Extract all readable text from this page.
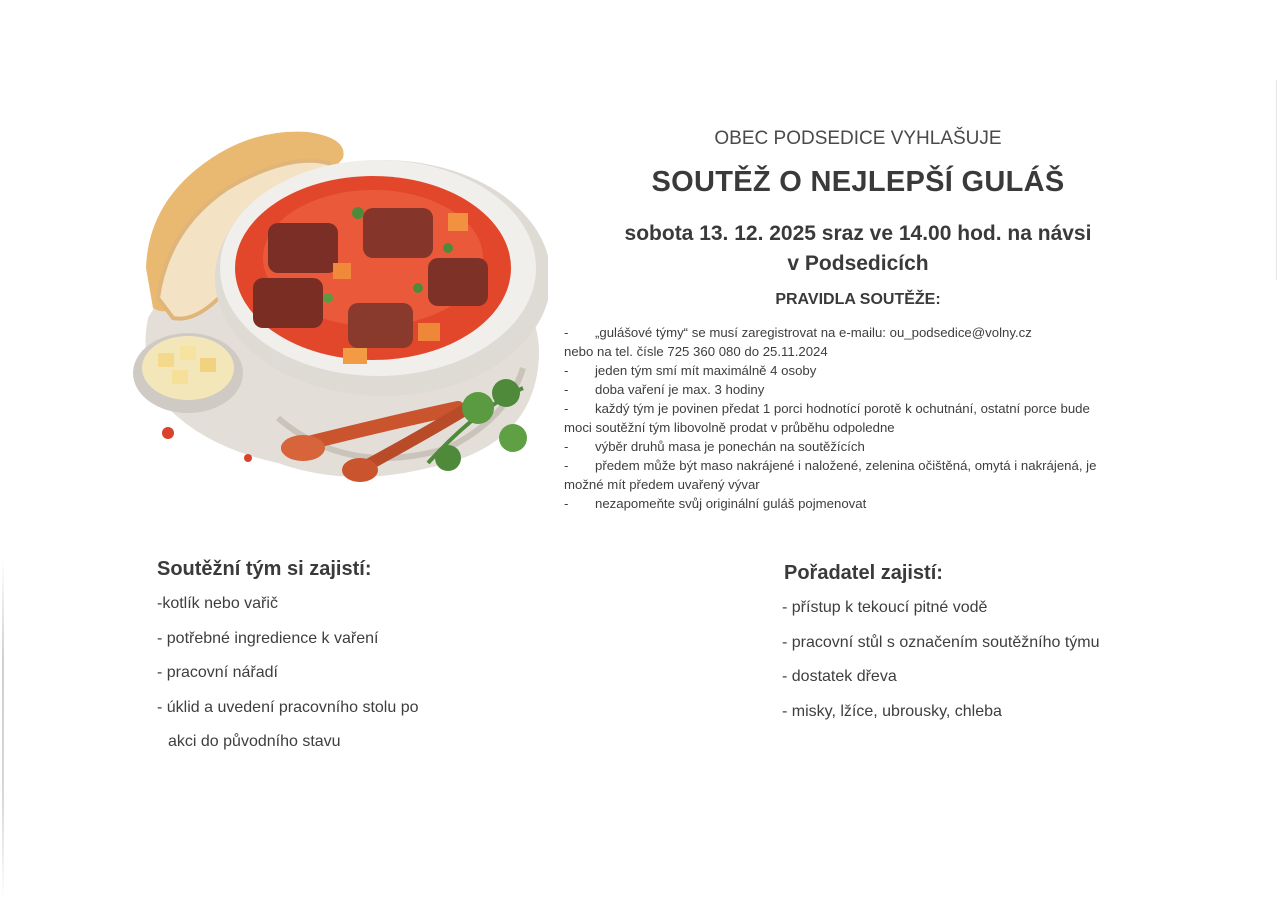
OBEC PODSEDICE VYHLAŠUJE
SOUTĚŽ O NEJLEPŠÍ GULÁŠ
sobota 13. 12. 2025 sraz ve 14.00 hod. na návsi
v Podsedicích
PRAVIDLA SOUTĚŽE:
- „gulášové týmy“ se musí zaregistrovat na e-mailu: ou_podsedice@volny.cz
nebo na tel. čísle 725 360 080 do 25.11.2024
- jeden tým smí mít maximálně 4 osoby
- doba vaření je max. 3 hodiny
- každý tým je povinen předat 1 porci hodnotící porotě k ochutnání, ostatní porce bude
moci soutěžní tým libovolně prodat v průběhu odpoledne
- výběr druhů masa je ponechán na soutěžících
- předem může být maso nakrájené i naložené, zelenina očištěná, omytá i nakrájená, je
možné mít předem uvařený vývar
- nezapomeňte svůj originální guláš pojmenovat
Soutěžní tým si zajistí:
-kotlík nebo vařič
- potřebné ingredience k vaření
- pracovní nářadí
- úklid a uvedení pracovního stolu po
akci do původního stavu
Pořadatel zajistí:
- přístup k tekoucí pitné vodě
- pracovní stůl s označením soutěžního týmu
- dostatek dřeva
- misky, lžíce, ubrousky, chleba
